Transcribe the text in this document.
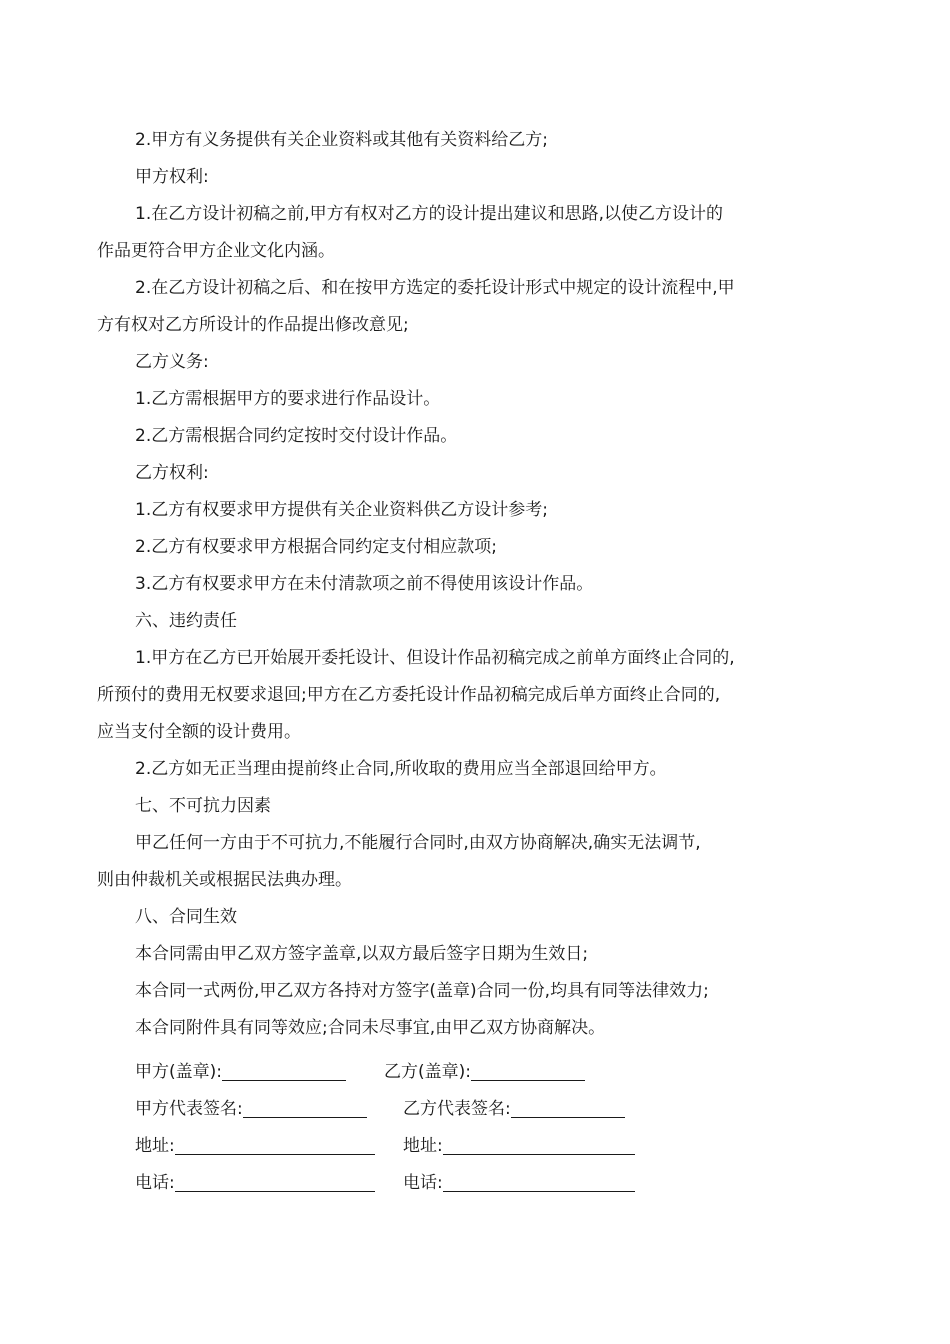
2.甲方有义务提供有关企业资料或其他有关资料给乙方;

甲方权利:

1.在乙方设计初稿之前,甲方有权对乙方的设计提出建议和思路,以使乙方设计的
作品更符合甲方企业文化内涵。

2.在乙方设计初稿之后、和在按甲方选定的委托设计形式中规定的设计流程中,甲
方有权对乙方所设计的作品提出修改意见;

乙方义务:

1.乙方需根据甲方的要求进行作品设计。

2.乙方需根据合同约定按时交付设计作品。

乙方权利:

1.乙方有权要求甲方提供有关企业资料供乙方设计参考;

2.乙方有权要求甲方根据合同约定支付相应款项;

3.乙方有权要求甲方在未付清款项之前不得使用该设计作品。

六、违约责任

1.甲方在乙方已开始展开委托设计、但设计作品初稿完成之前单方面终止合同的,
所预付的费用无权要求退回;甲方在乙方委托设计作品初稿完成后单方面终止合同的,
应当支付全额的设计费用。

2.乙方如无正当理由提前终止合同,所收取的费用应当全部退回给甲方。

七、不可抗力因素

甲乙任何一方由于不可抗力,不能履行合同时,由双方协商解决,确实无法调节,
则由仲裁机关或根据民法典办理。

八、合同生效

本合同需由甲乙双方签字盖章,以双方最后签字日期为生效日;

本合同一式两份,甲乙双方各持对方签字(盖章)合同一份,均具有同等法律效力;

本合同附件具有同等效应;合同未尽事宜,由甲乙双方协商解决。

甲方(盖章):	乙方(盖章):
甲方代表签名:	乙方代表签名:
地址:	地址:
电话:	电话:
